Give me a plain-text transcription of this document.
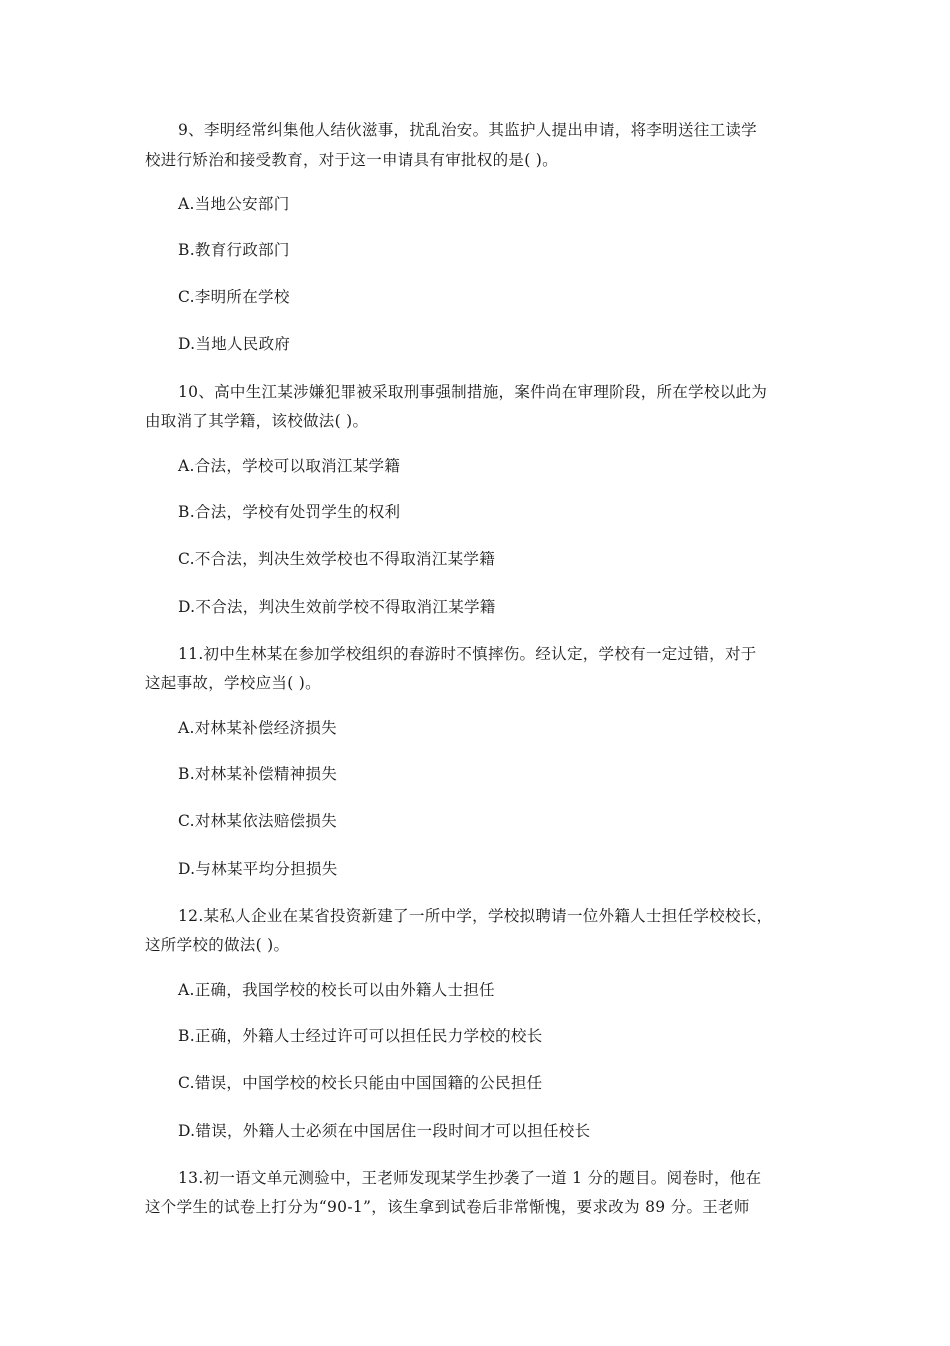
9、李明经常纠集他人结伙滋事，扰乱治安。其监护人提出申请，将李明送往工读学
校进行矫治和接受教育，对于这一申请具有审批权的是( )。
A.当地公安部门
B.教育行政部门
C.李明所在学校
D.当地人民政府
10、高中生江某涉嫌犯罪被采取刑事强制措施，案件尚在审理阶段，所在学校以此为
由取消了其学籍，该校做法( )。
A.合法，学校可以取消江某学籍
B.合法，学校有处罚学生的权利
C.不合法，判决生效学校也不得取消江某学籍
D.不合法，判决生效前学校不得取消江某学籍
11.初中生林某在参加学校组织的春游时不慎摔伤。经认定，学校有一定过错，对于
这起事故，学校应当( )。
A.对林某补偿经济损失
B.对林某补偿精神损失
C.对林某依法赔偿损失
D.与林某平均分担损失
12.某私人企业在某省投资新建了一所中学，学校拟聘请一位外籍人士担任学校校长，
这所学校的做法( )。
A.正确，我国学校的校长可以由外籍人士担任
B.正确，外籍人士经过许可可以担任民力学校的校长
C.错误，中国学校的校长只能由中国国籍的公民担任
D.错误，外籍人士必须在中国居住一段时间才可以担任校长
13.初一语文单元测验中，王老师发现某学生抄袭了一道 1 分的题目。阅卷时，他在
这个学生的试卷上打分为“90-1”，该生拿到试卷后非常惭愧，要求改为 89 分。王老师
